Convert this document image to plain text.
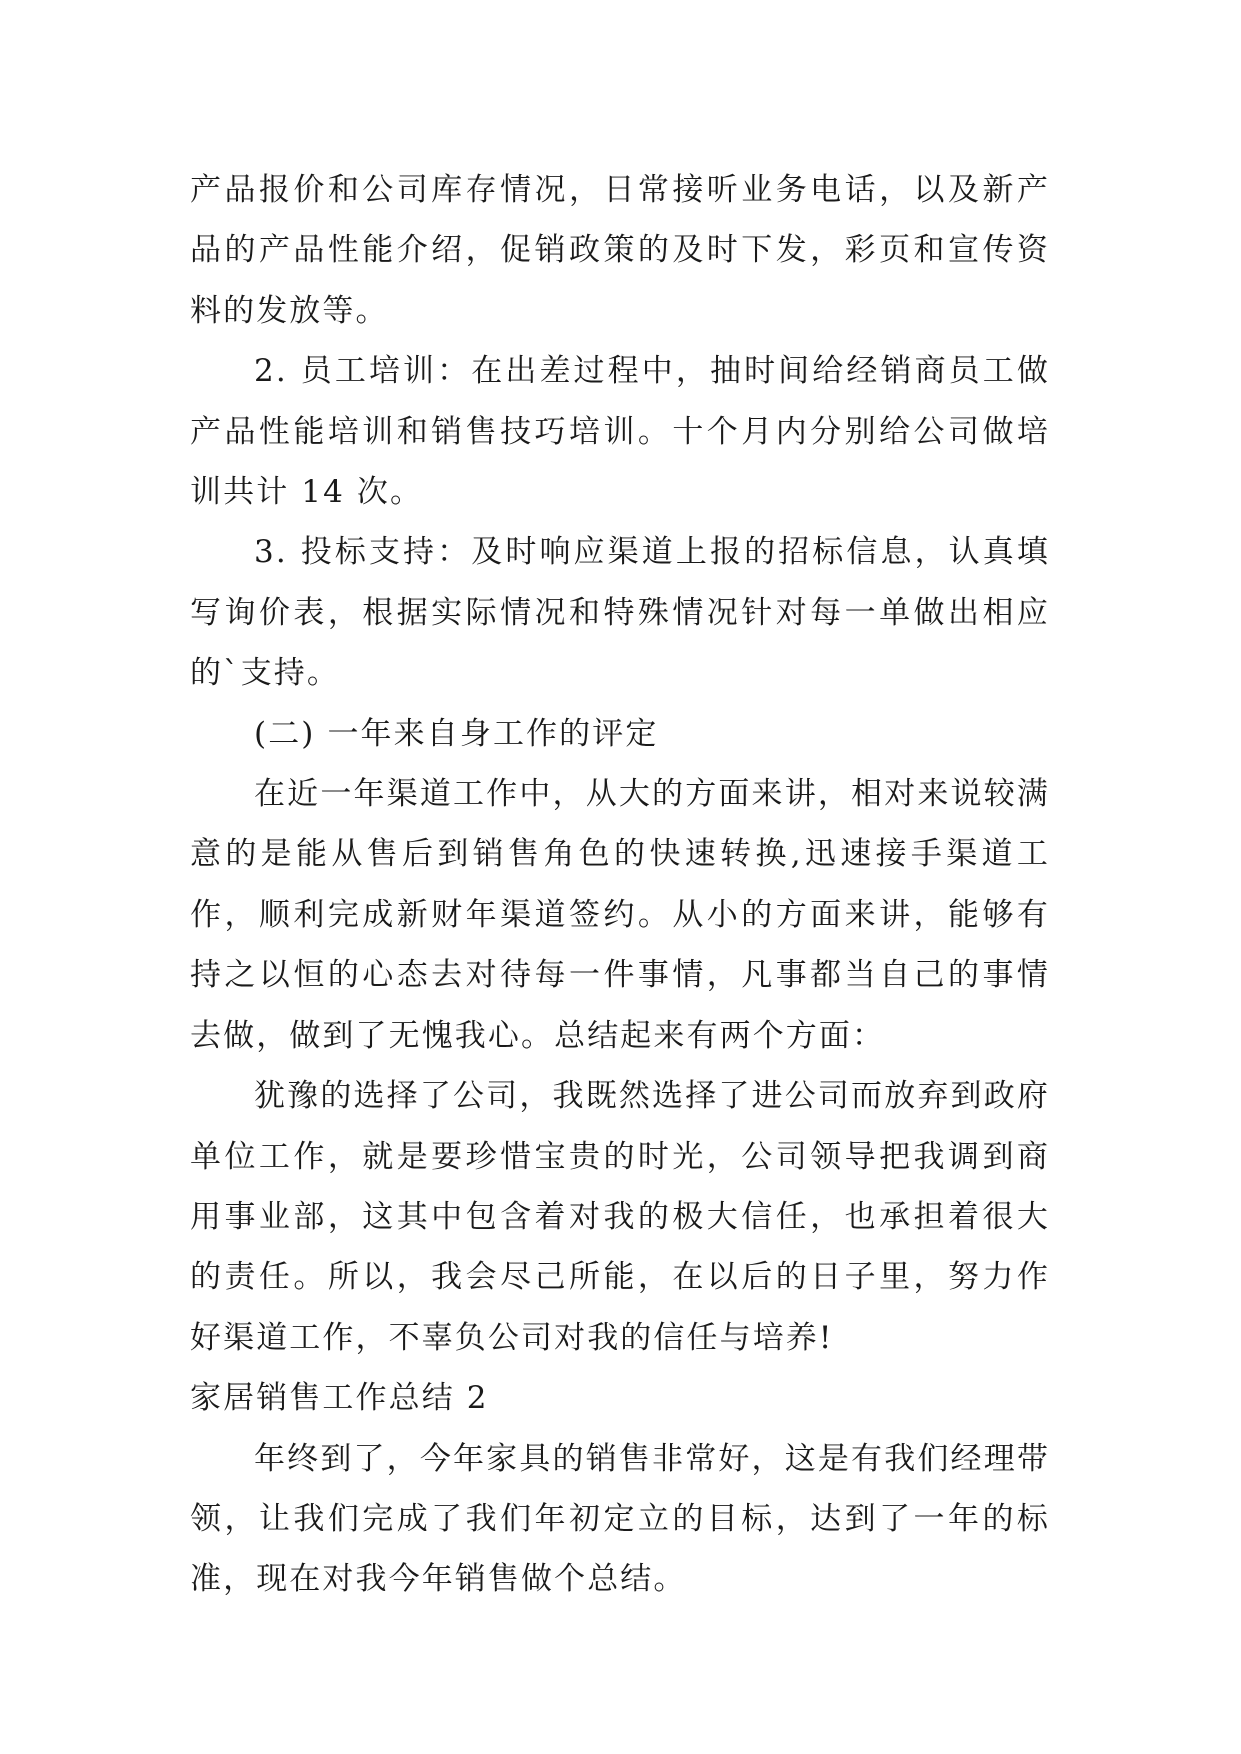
产品报价和公司库存情况，日常接听业务电话，以及新产品的产品性能介绍，促销政策的及时下发，彩页和宣传资料的发放等。

2. 员工培训：在出差过程中，抽时间给经销商员工做产品性能培训和销售技巧培训。十个月内分别给公司做培训共计 14 次。

3. 投标支持：及时响应渠道上报的招标信息，认真填写询价表，根据实际情况和特殊情况针对每一单做出相应的`支持。

(二) 一年来自身工作的评定

在近一年渠道工作中，从大的方面来讲，相对来说较满意的是能从售后到销售角色的快速转换,迅速接手渠道工作，顺利完成新财年渠道签约。从小的方面来讲，能够有持之以恒的心态去对待每一件事情，凡事都当自己的事情去做，做到了无愧我心。总结起来有两个方面：

犹豫的选择了公司，我既然选择了进公司而放弃到政府单位工作，就是要珍惜宝贵的时光，公司领导把我调到商用事业部，这其中包含着对我的极大信任，也承担着很大的责任。所以，我会尽己所能，在以后的日子里，努力作好渠道工作，不辜负公司对我的信任与培养!

家居销售工作总结 2

年终到了，今年家具的销售非常好，这是有我们经理带领，让我们完成了我们年初定立的目标，达到了一年的标准，现在对我今年销售做个总结。
